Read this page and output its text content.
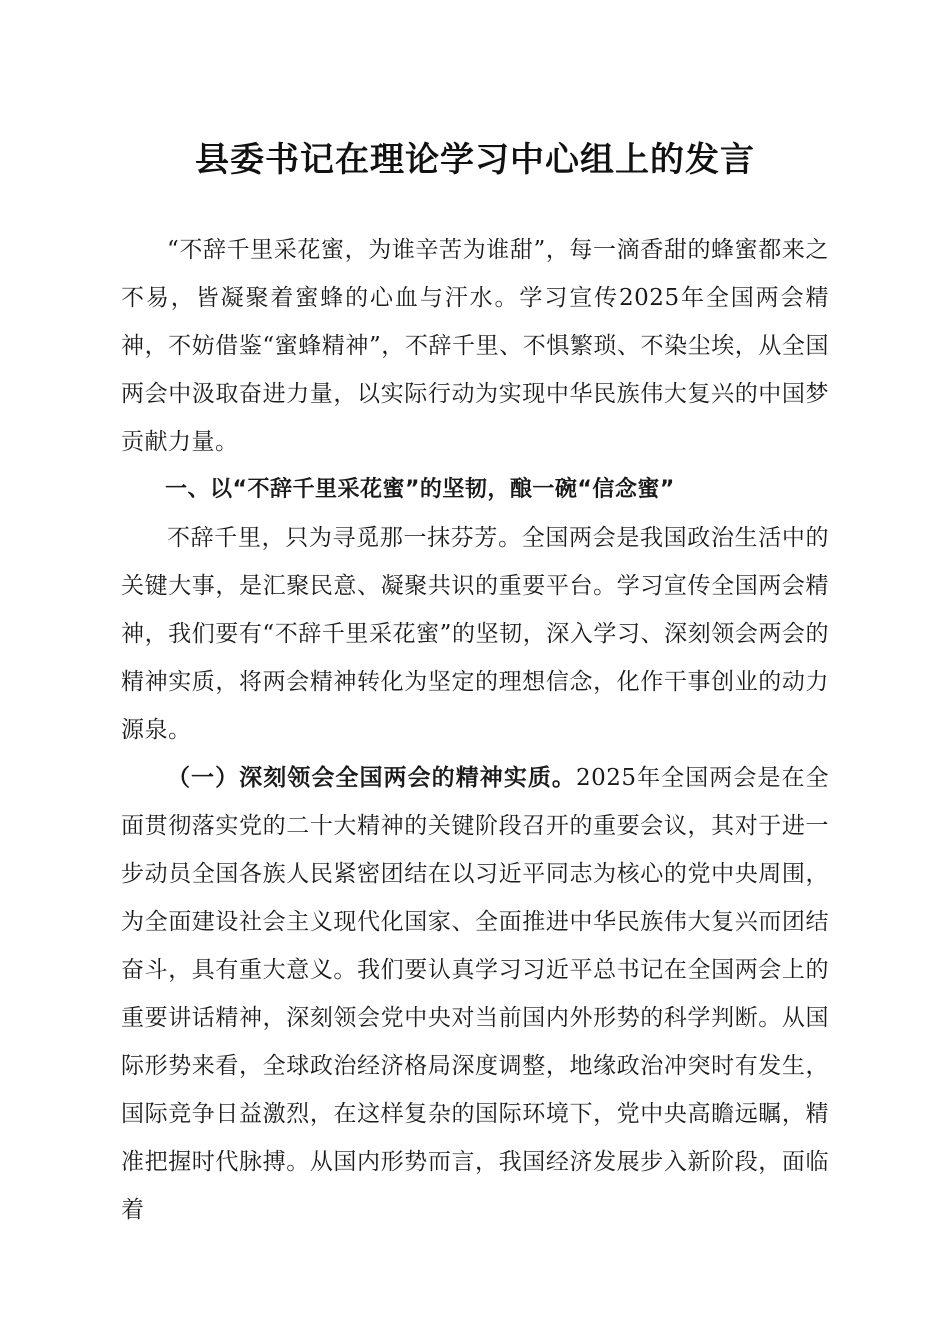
县委书记在理论学习中心组上的发言

“不辞千里采花蜜，为谁辛苦为谁甜”，每一滴香甜的蜂蜜都来之不易，皆凝聚着蜜蜂的心血与汗水。学习宣传2025年全国两会精神，不妨借鉴“蜜蜂精神”，不辞千里、不惧繁琐、不染尘埃，从全国两会中汲取奋进力量，以实际行动为实现中华民族伟大复兴的中国梦贡献力量。

一、以“不辞千里采花蜜”的坚韧，酿一碗“信念蜜”

不辞千里，只为寻觅那一抹芬芳。全国两会是我国政治生活中的关键大事，是汇聚民意、凝聚共识的重要平台。学习宣传全国两会精神，我们要有“不辞千里采花蜜”的坚韧，深入学习、深刻领会两会的精神实质，将两会精神转化为坚定的理想信念，化作干事创业的动力源泉。

（一）深刻领会全国两会的精神实质。2025年全国两会是在全面贯彻落实党的二十大精神的关键阶段召开的重要会议，其对于进一步动员全国各族人民紧密团结在以习近平同志为核心的党中央周围，为全面建设社会主义现代化国家、全面推进中华民族伟大复兴而团结奋斗，具有重大意义。我们要认真学习习近平总书记在全国两会上的重要讲话精神，深刻领会党中央对当前国内外形势的科学判断。从国际形势来看，全球政治经济格局深度调整，地缘政治冲突时有发生，国际竞争日益激烈，在这样复杂的国际环境下，党中央高瞻远瞩，精准把握时代脉搏。从国内形势而言，我国经济发展步入新阶段，面临着
